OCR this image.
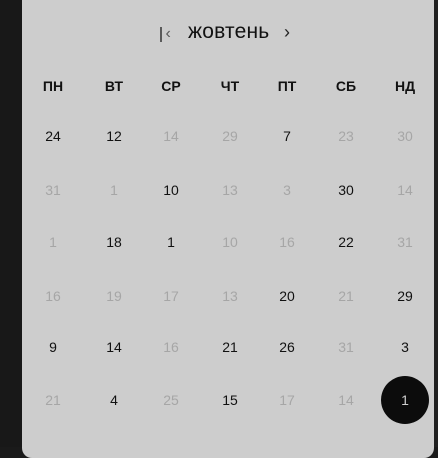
‹ жовтень ›
ПН	ВТ	СР	ЧТ	ПТ	СБ	НД
24	12	14	29	7	23	30
31	1	10	13	3	30	14
1	18	1	10	16	22	31
16	19	17	13	20	21	29
9	14	16	21	26	31	3
21	4	25	15	17	14	1
